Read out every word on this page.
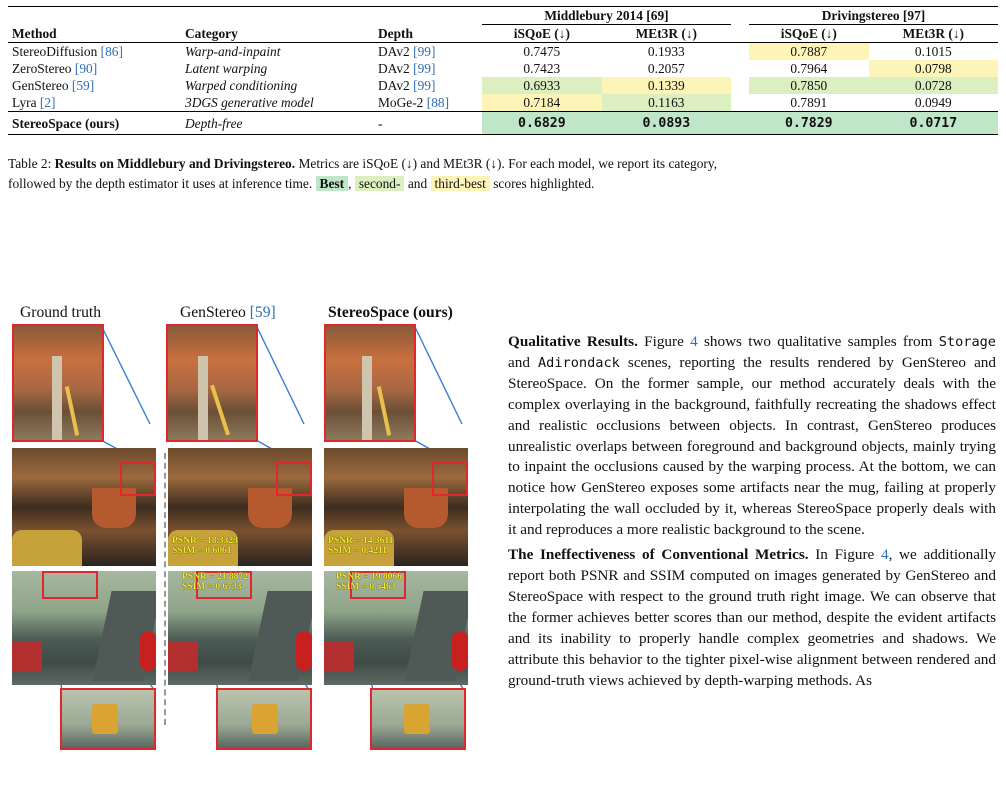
			Middlebury 2014 [69]			Drivingstereo [97]	
Method	Category	Depth	iSQoE (↓)	MEt3R (↓)		iSQoE (↓)	MEt3R (↓)
StereoDiffusion [86]	Warp-and-inpaint	DAv2 [99]	0.7475	0.1933		0.7887	0.1015
ZeroStereo [90]	Latent warping	DAv2 [99]	0.7423	0.2057		0.7964	0.0798
GenStereo [59]	Warped conditioning	DAv2 [99]	0.6933	0.1339		0.7850	0.0728
Lyra [2]	3DGS generative model	MoGe-2 [88]	0.7184	0.1163		0.7891	0.0949
StereoSpace (ours)	Depth-free	-	0.6829	0.0893		0.7829	0.0717
Table 2: Results on Middlebury and Drivingstereo. Metrics are iSQoE (↓) and MEt3R (↓). For each model, we report its category,
followed by the depth estimator it uses at inference time. Best , second- and third-best scores highlighted.
Ground truth	GenStereo [59]	StereoSpace (ours)
PSNR = 18.3323
SSIM = 0.6061
PSNR = 14.3611
SSIM = 0.4211
PSNR = 21.8872
SSIM = 0.6733
PSNR = 19.8066
SSIM = 0.5463

Qualitative Results. Figure 4 shows two qualitative samples from Storage and Adirondack scenes, reporting the results rendered by GenStereo and StereoSpace. On the former sample, our method accurately deals with the complex overlaying in the background, faithfully recreating the shadows effect and realistic occlusions between objects. In contrast, GenStereo produces unrealistic overlaps between foreground and background objects, mainly trying to inpaint the occlusions caused by the warping process. At the bottom, we can notice how GenStereo exposes some artifacts near the mug, failing at properly interpolating the wall occluded by it, whereas StereoSpace properly deals with it and reproduces a more realistic background to the scene.

The Ineffectiveness of Conventional Metrics. In Figure 4, we additionally report both PSNR and SSIM computed on images generated by GenStereo and StereoSpace with respect to the ground truth right image. We can observe that the former achieves better scores than our method, despite the evident artifacts and its inability to properly handle complex geometries and shadows. We attribute this behavior to the tighter pixel-wise alignment between rendered and ground-truth views achieved by depth-warping methods. As
